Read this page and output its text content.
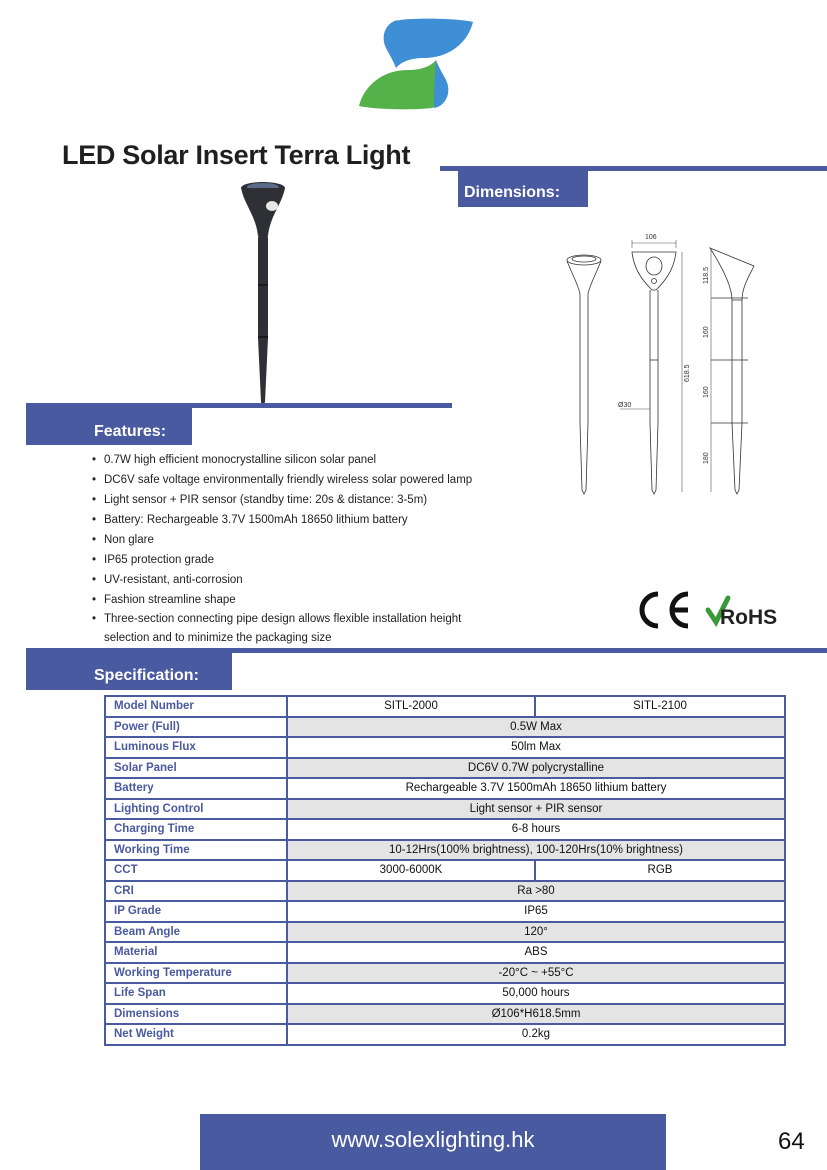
LED Solar Insert Terra Light
Dimensions:
106
Ø30
618.5
118.5
160
160
180
Features:
• 0.7W high efficient monocrystalline silicon solar panel
• DC6V safe voltage environmentally friendly wireless solar powered lamp
• Light sensor + PIR sensor (standby time: 20s & distance: 3-5m)
• Battery: Rechargeable 3.7V 1500mAh 18650 lithium battery
• Non glare
• IP65 protection grade
• UV-resistant, anti-corrosion
• Fashion streamline shape
• Three-section connecting pipe design allows flexible installation height selection and to minimize the packaging size
RoHS
Specification:
Model Number	SITL-2000	SITL-2100
Power (Full)	0.5W Max	
Luminous Flux	50lm Max	
Solar Panel	DC6V 0.7W polycrystalline	
Battery	Rechargeable 3.7V 1500mAh 18650 lithium battery	
Lighting Control	Light sensor + PIR sensor	
Charging Time	6-8 hours	
Working Time	10-12Hrs(100% brightness), 100-120Hrs(10% brightness)	
CCT	3000-6000K	RGB
CRI	Ra >80	
IP Grade	IP65	
Beam Angle	120°	
Material	ABS	
Working Temperature	-20°C ~ +55°C	
Life Span	50,000 hours	
Dimensions	Ø106*H618.5mm	
Net Weight	0.2kg	
www.solexlighting.hk	64
